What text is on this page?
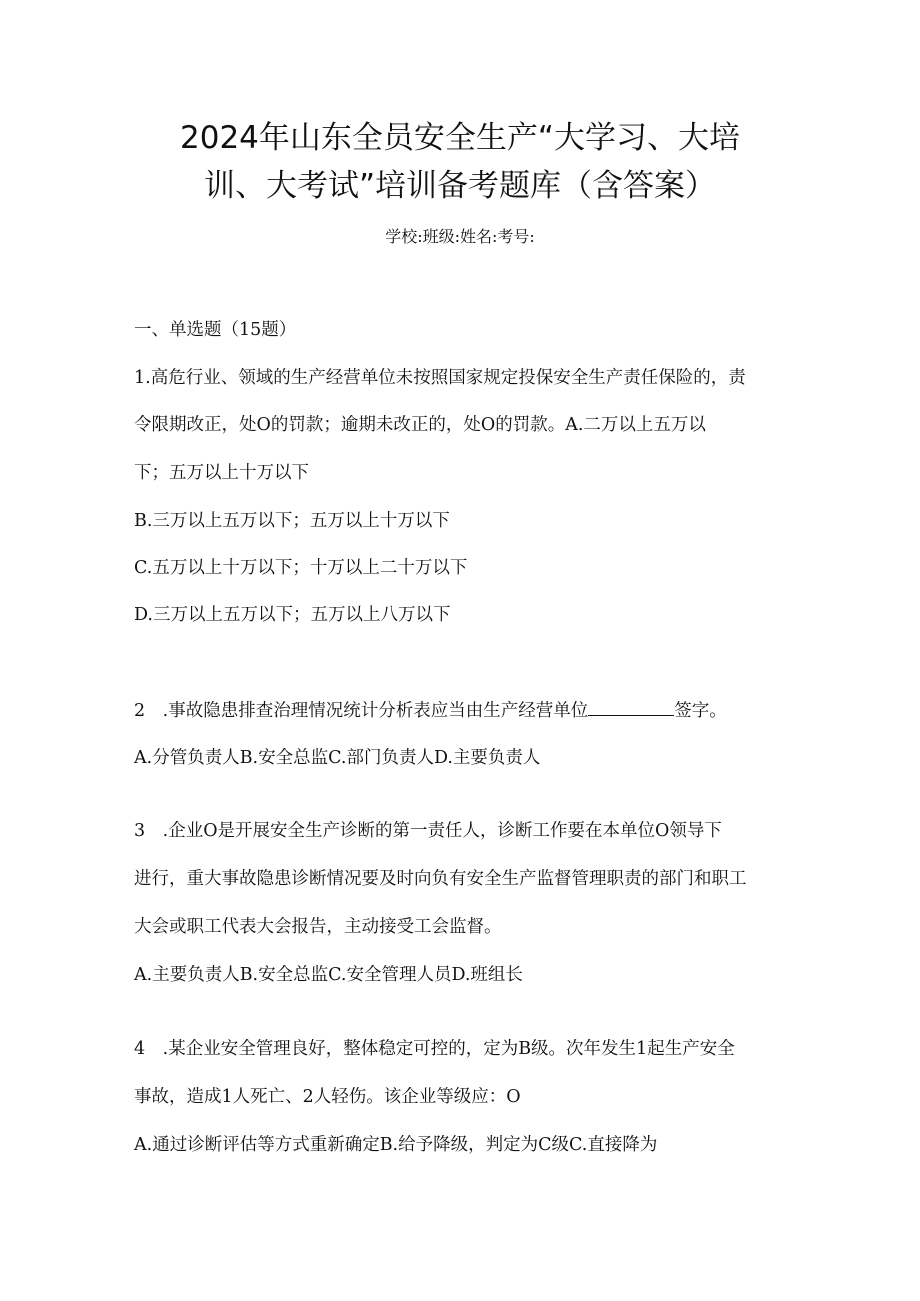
2024年山东全员安全生产“大学习、大培
训、大考试”培训备考题库（含答案）
学校:班级:姓名:考号:
一、单选题（15题）
1.高危行业、领域的生产经营单位未按照国家规定投保安全生产责任保险的，责
令限期改正，处O的罚款；逾期未改正的，处O的罚款。A.二万以上五万以
下；五万以上十万以下
B.三万以上五万以下；五万以上十万以下
C.五万以上十万以下；十万以上二十万以下
D.三万以上五万以下；五万以上八万以下
2　.事故隐患排查治理情况统计分析表应当由生产经营单位	签字。
A.分管负责人B.安全总监C.部门负责人D.主要负责人
3　.企业O是开展安全生产诊断的第一责任人，诊断工作要在本单位O领导下
进行，重大事故隐患诊断情况要及时向负有安全生产监督管理职责的部门和职工
大会或职工代表大会报告，主动接受工会监督。
A.主要负责人B.安全总监C.安全管理人员D.班组长
4　.某企业安全管理良好，整体稳定可控的，定为B级。次年发生1起生产安全
事故，造成1人死亡、2人轻伤。该企业等级应：O
A.通过诊断评估等方式重新确定B.给予降级，判定为C级C.直接降为
